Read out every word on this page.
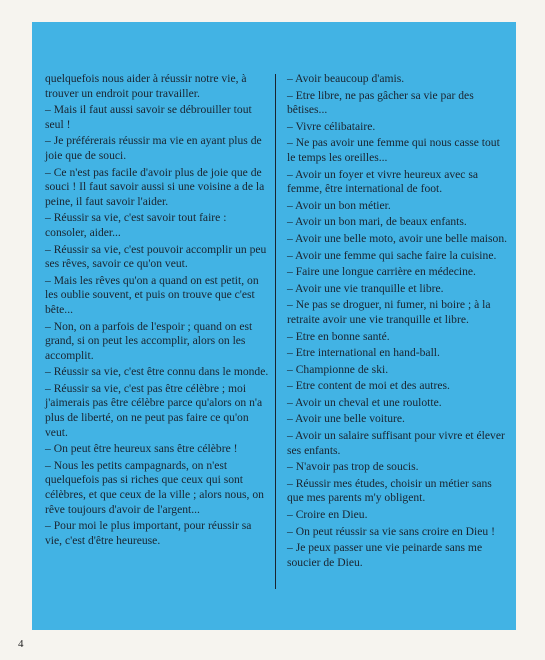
quelquefois nous aider à réussir notre vie, à trouver un endroit pour travailler.

– Mais il faut aussi savoir se débrouiller tout seul !

– Je préférerais réussir ma vie en ayant plus de joie que de souci.

– Ce n'est pas facile d'avoir plus de joie que de souci ! Il faut savoir aussi si une voisine a de la peine, il faut savoir l'aider.

– Réussir sa vie, c'est savoir tout faire : consoler, aider...

– Réussir sa vie, c'est pouvoir accomplir un peu ses rêves, savoir ce qu'on veut.

– Mais les rêves qu'on a quand on est petit, on les oublie souvent, et puis on trouve que c'est bête...

– Non, on a parfois de l'espoir ; quand on est grand, si on peut les accomplir, alors on les accomplit.

– Réussir sa vie, c'est être connu dans le monde.

– Réussir sa vie, c'est pas être célèbre ; moi j'aimerais pas être célèbre parce qu'alors on n'a plus de liberté, on ne peut pas faire ce qu'on veut.

– On peut être heureux sans être célèbre !

– Nous les petits campagnards, on n'est quelquefois pas si riches que ceux qui sont célèbres, et que ceux de la ville ; alors nous, on rêve toujours d'avoir de l'argent...

– Pour moi le plus important, pour réussir sa vie, c'est d'être heureuse.

– Avoir beaucoup d'amis.

– Etre libre, ne pas gâcher sa vie par des bêtises...

– Vivre célibataire.

– Ne pas avoir une femme qui nous casse tout le temps les oreilles...

– Avoir un foyer et vivre heureux avec sa femme, être international de foot.

– Avoir un bon métier.

– Avoir un bon mari, de beaux enfants.

– Avoir une belle moto, avoir une belle maison.

– Avoir une femme qui sache faire la cuisine.

– Faire une longue carrière en médecine.

– Avoir une vie tranquille et libre.

– Ne pas se droguer, ni fumer, ni boire ; à la retraite avoir une vie tranquille et libre.

– Etre en bonne santé.

– Etre international en hand-ball.

– Championne de ski.

– Etre content de moi et des autres.

– Avoir un cheval et une roulotte.

– Avoir une belle voiture.

– Avoir un salaire suffisant pour vivre et élever ses enfants.

– N'avoir pas trop de soucis.

– Réussir mes études, choisir un métier sans que mes parents m'y obligent.

– Croire en Dieu.

– On peut réussir sa vie sans croire en Dieu !

– Je peux passer une vie peinarde sans me soucier de Dieu.

4
